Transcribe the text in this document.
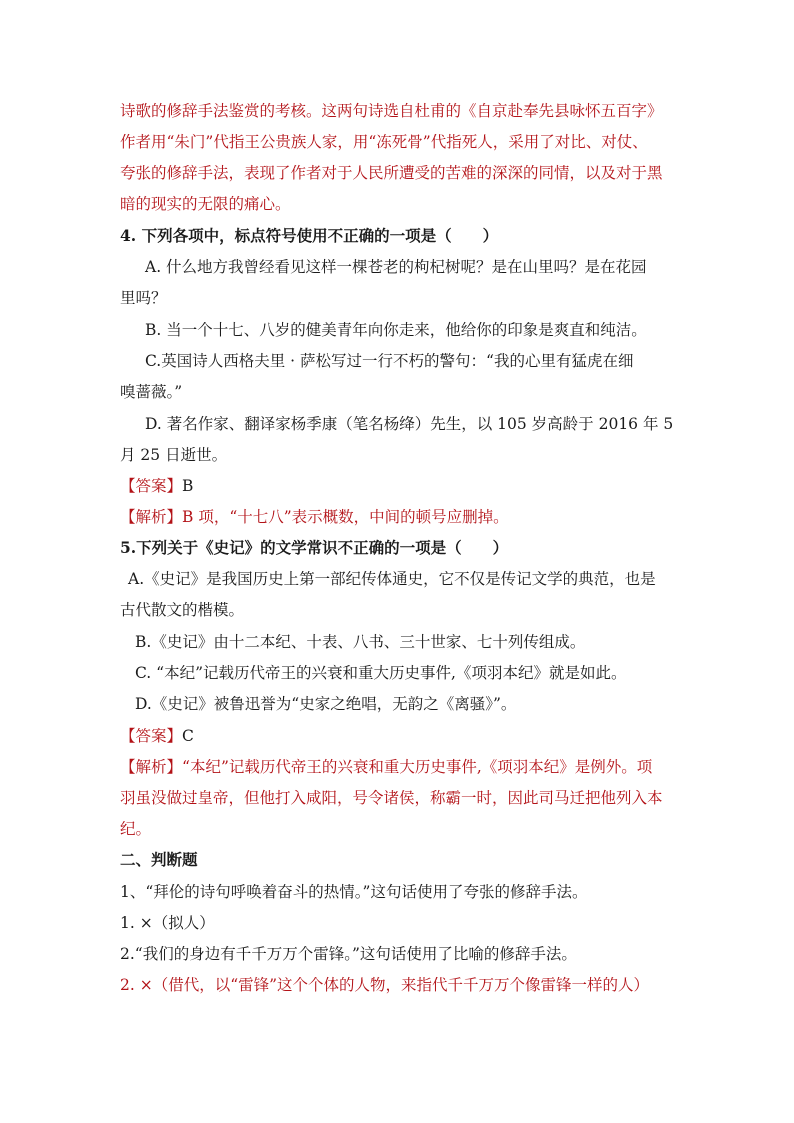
诗歌的修辞手法鉴赏的考核。这两句诗选自杜甫的《自京赴奉先县咏怀五百字》
作者用“朱门”代指王公贵族人家，用“冻死骨”代指死人，采用了对比、对仗、
夸张的修辞手法，表现了作者对于人民所遭受的苦难的深深的同情，以及对于黑
暗的现实的无限的痛心。
4. 下列各项中，标点符号使用不正确的一项是（　　）
A. 什么地方我曾经看见这样一棵苍老的枸杞树呢？是在山里吗？是在花园
里吗？
B. 当一个十七、八岁的健美青年向你走来，他给你的印象是爽直和纯洁。
C.英国诗人西格夫里 · 萨松写过一行不朽的警句：“我的心里有猛虎在细
嗅蔷薇。”
D. 著名作家、翻译家杨季康（笔名杨绛）先生，以 105 岁高龄于 2016 年 5
月 25 日逝世。
【答案】B
【解析】B 项，“十七八”表示概数，中间的顿号应删掉。
5.下列关于《史记》的文学常识不正确的一项是（　　）
A.《史记》是我国历史上第一部纪传体通史，它不仅是传记文学的典范，也是
古代散文的楷模。
B.《史记》由十二本纪、十表、八书、三十世家、七十列传组成。
C. “本纪”记载历代帝王的兴衰和重大历史事件,《项羽本纪》就是如此。
D.《史记》被鲁迅誉为“史家之绝唱，无韵之《离骚》”。
【答案】C
【解析】“本纪”记载历代帝王的兴衰和重大历史事件,《项羽本纪》是例外。项
羽虽没做过皇帝，但他打入咸阳，号令诸侯，称霸一时，因此司马迁把他列入本
纪。
二、判断题
1、“拜伦的诗句呼唤着奋斗的热情。”这句话使用了夸张的修辞手法。
1. ×（拟人）
2.“我们的身边有千千万万个雷锋。”这句话使用了比喻的修辞手法。
2. ×（借代，以“雷锋”这个个体的人物，来指代千千万万个像雷锋一样的人）
